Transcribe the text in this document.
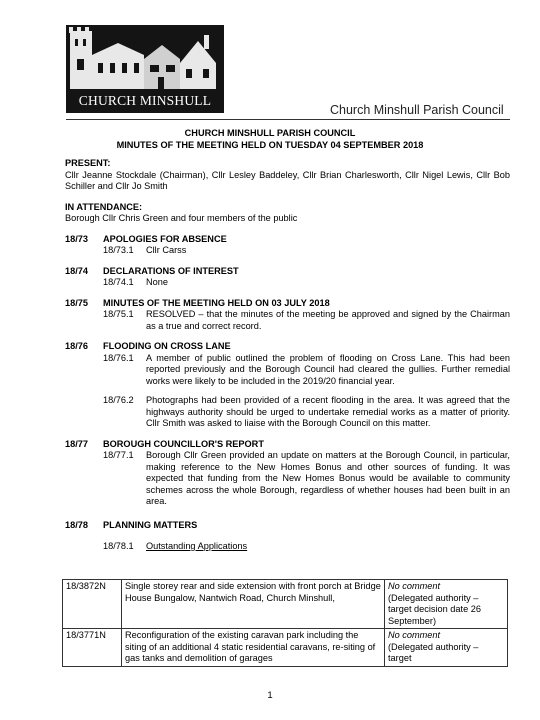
CHURCH MINSHULL
Church Minshull Parish Council
CHURCH MINSHULL PARISH COUNCIL
MINUTES OF THE MEETING HELD ON TUESDAY 04 SEPTEMBER 2018
PRESENT:

Cllr Jeanne Stockdale (Chairman), Cllr Lesley Baddeley, Cllr Brian Charlesworth, Cllr Nigel Lewis, Cllr Bob Schiller and Cllr Jo Smith

IN ATTENDANCE:

Borough Cllr Chris Green and four members of the public

18/73	APOLOGIES FOR ABSENCE
18/73.1	Cllr Carss
18/74	DECLARATIONS OF INTEREST
18/74.1	None
18/75	MINUTES OF THE MEETING HELD ON 03 JULY 2018
18/75.1	RESOLVED – that the minutes of the meeting be approved and signed by the Chairman as a true and correct record.
18/76	FLOODING ON CROSS LANE
18/76.1	A member of public outlined the problem of flooding on Cross Lane. This had been reported previously and the Borough Council had cleared the gullies. Further remedial works were likely to be included in the 2019/20 financial year.
18/76.2	Photographs had been provided of a recent flooding in the area. It was agreed that the highways authority should be urged to undertake remedial works as a matter of priority. Cllr Smith was asked to liaise with the Borough Council on this matter.
18/77	BOROUGH COUNCILLOR'S REPORT
18/77.1	Borough Cllr Green provided an update on matters at the Borough Council, in particular, making reference to the New Homes Bonus and other sources of funding. It was expected that funding from the New Homes Bonus would be available to community schemes across the whole Borough, regardless of whether houses had been built in an area.
18/78	PLANNING MATTERS
18/78.1	Outstanding Applications
18/3872N	Single storey rear and side extension with front porch at Bridge House Bungalow, Nantwich Road, Church Minshull,	No comment
(Delegated authority – target decision date 26 September)

18/3771N	Reconfiguration of the existing caravan park including the siting of an additional 4 static residential caravans, re-siting of gas tanks and demolition of garages	No comment
(Delegated authority – target
1
